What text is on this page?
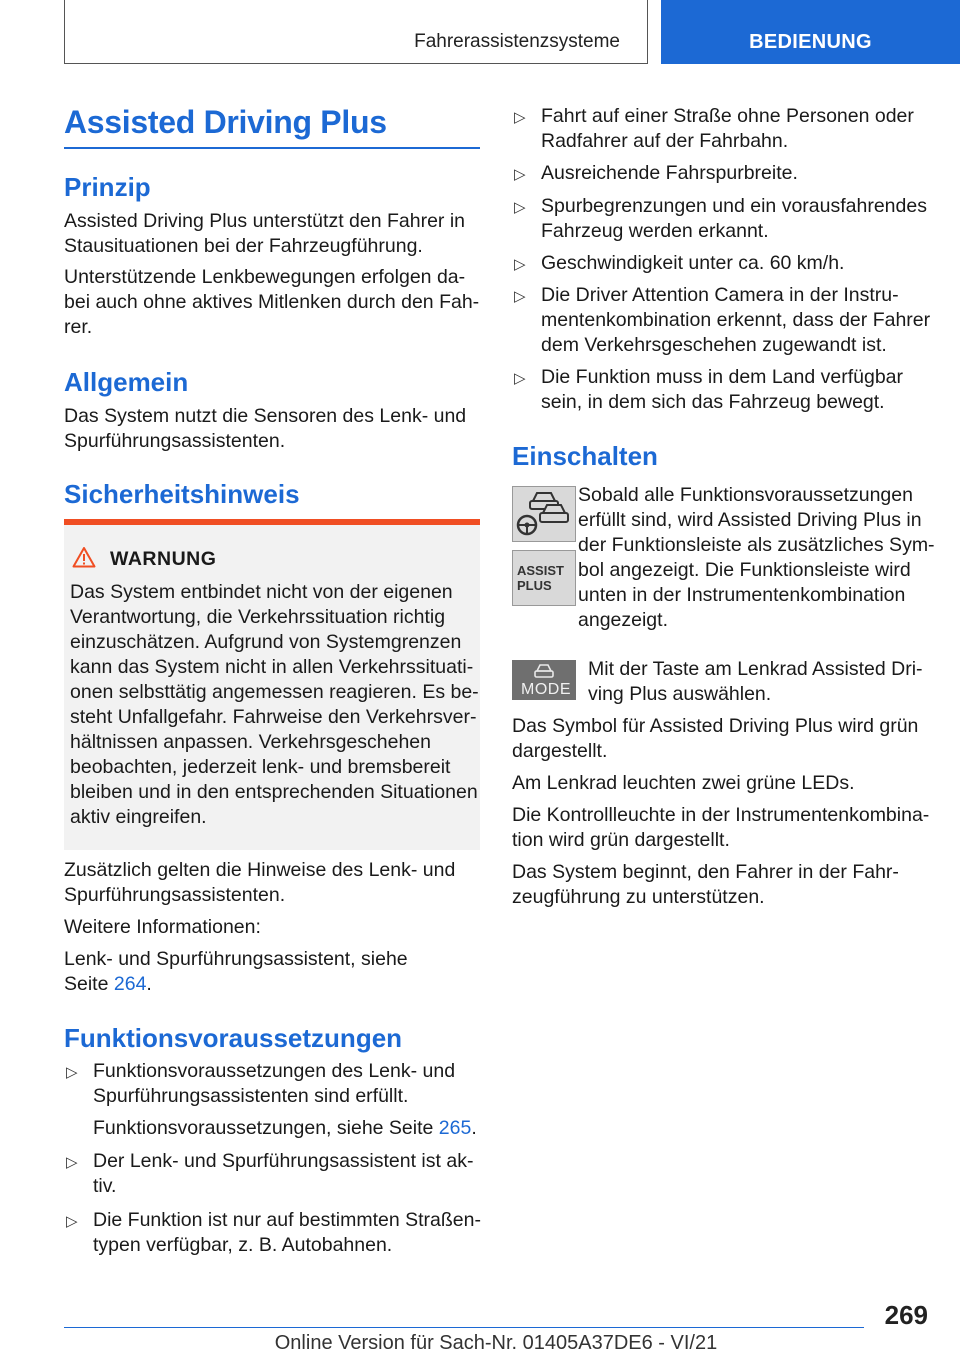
Fahrerassistenzsysteme	BEDIENUNG
Assisted Driving Plus
Prinzip
Assisted Driving Plus unterstützt den Fahrer in
Stausituationen bei der Fahrzeugführung.
Unterstützende Lenkbewegungen erfolgen da-
bei auch ohne aktives Mitlenken durch den Fah-
rer.
Allgemein
Das System nutzt die Sensoren des Lenk- und
Spurführungsassistenten.
Sicherheitshinweis
WARNUNG
Das System entbindet nicht von der eigenen
Verantwortung, die Verkehrssituation richtig
einzuschätzen. Aufgrund von Systemgrenzen
kann das System nicht in allen Verkehrssituati-
onen selbsttätig angemessen reagieren. Es be-
steht Unfallgefahr. Fahrweise den Verkehrsver-
hältnissen anpassen. Verkehrsgeschehen
beobachten, jederzeit lenk- und bremsbereit
bleiben und in den entsprechenden Situationen
aktiv eingreifen.
Zusätzlich gelten die Hinweise des Lenk- und
Spurführungsassistenten.
Weitere Informationen:
Lenk- und Spurführungsassistent, siehe
Seite 264.
Funktionsvoraussetzungen
▷ Funktionsvoraussetzungen des Lenk- und
Spurführungsassistenten sind erfüllt.
Funktionsvoraussetzungen, siehe Seite 265.
▷ Der Lenk- und Spurführungsassistent ist ak-
tiv.
▷ Die Funktion ist nur auf bestimmten Straßen-
typen verfügbar, z. B. Autobahnen.
▷ Fahrt auf einer Straße ohne Personen oder
Radfahrer auf der Fahrbahn.
▷ Ausreichende Fahrspurbreite.
▷ Spurbegrenzungen und ein vorausfahrendes
Fahrzeug werden erkannt.
▷ Geschwindigkeit unter ca. 60 km/h.
▷ Die Driver Attention Camera in der Instru-
mentenkombination erkennt, dass der Fahrer
dem Verkehrsgeschehen zugewandt ist.
▷ Die Funktion muss in dem Land verfügbar
sein, in dem sich das Fahrzeug bewegt.
Einschalten
ASSIST
PLUS
Sobald alle Funktionsvoraussetzungen
erfüllt sind, wird Assisted Driving Plus in
der Funktionsleiste als zusätzliches Sym-
bol angezeigt. Die Funktionsleiste wird
unten in der Instrumentenkombination
angezeigt.
MODE
Mit der Taste am Lenkrad Assisted Dri-
ving Plus auswählen.
Das Symbol für Assisted Driving Plus wird grün
dargestellt.
Am Lenkrad leuchten zwei grüne LEDs.
Die Kontrollleuchte in der Instrumentenkombina-
tion wird grün dargestellt.
Das System beginnt, den Fahrer in der Fahr-
zeugführung zu unterstützen.
269
Online Version für Sach-Nr. 01405A37DE6 - VI/21
